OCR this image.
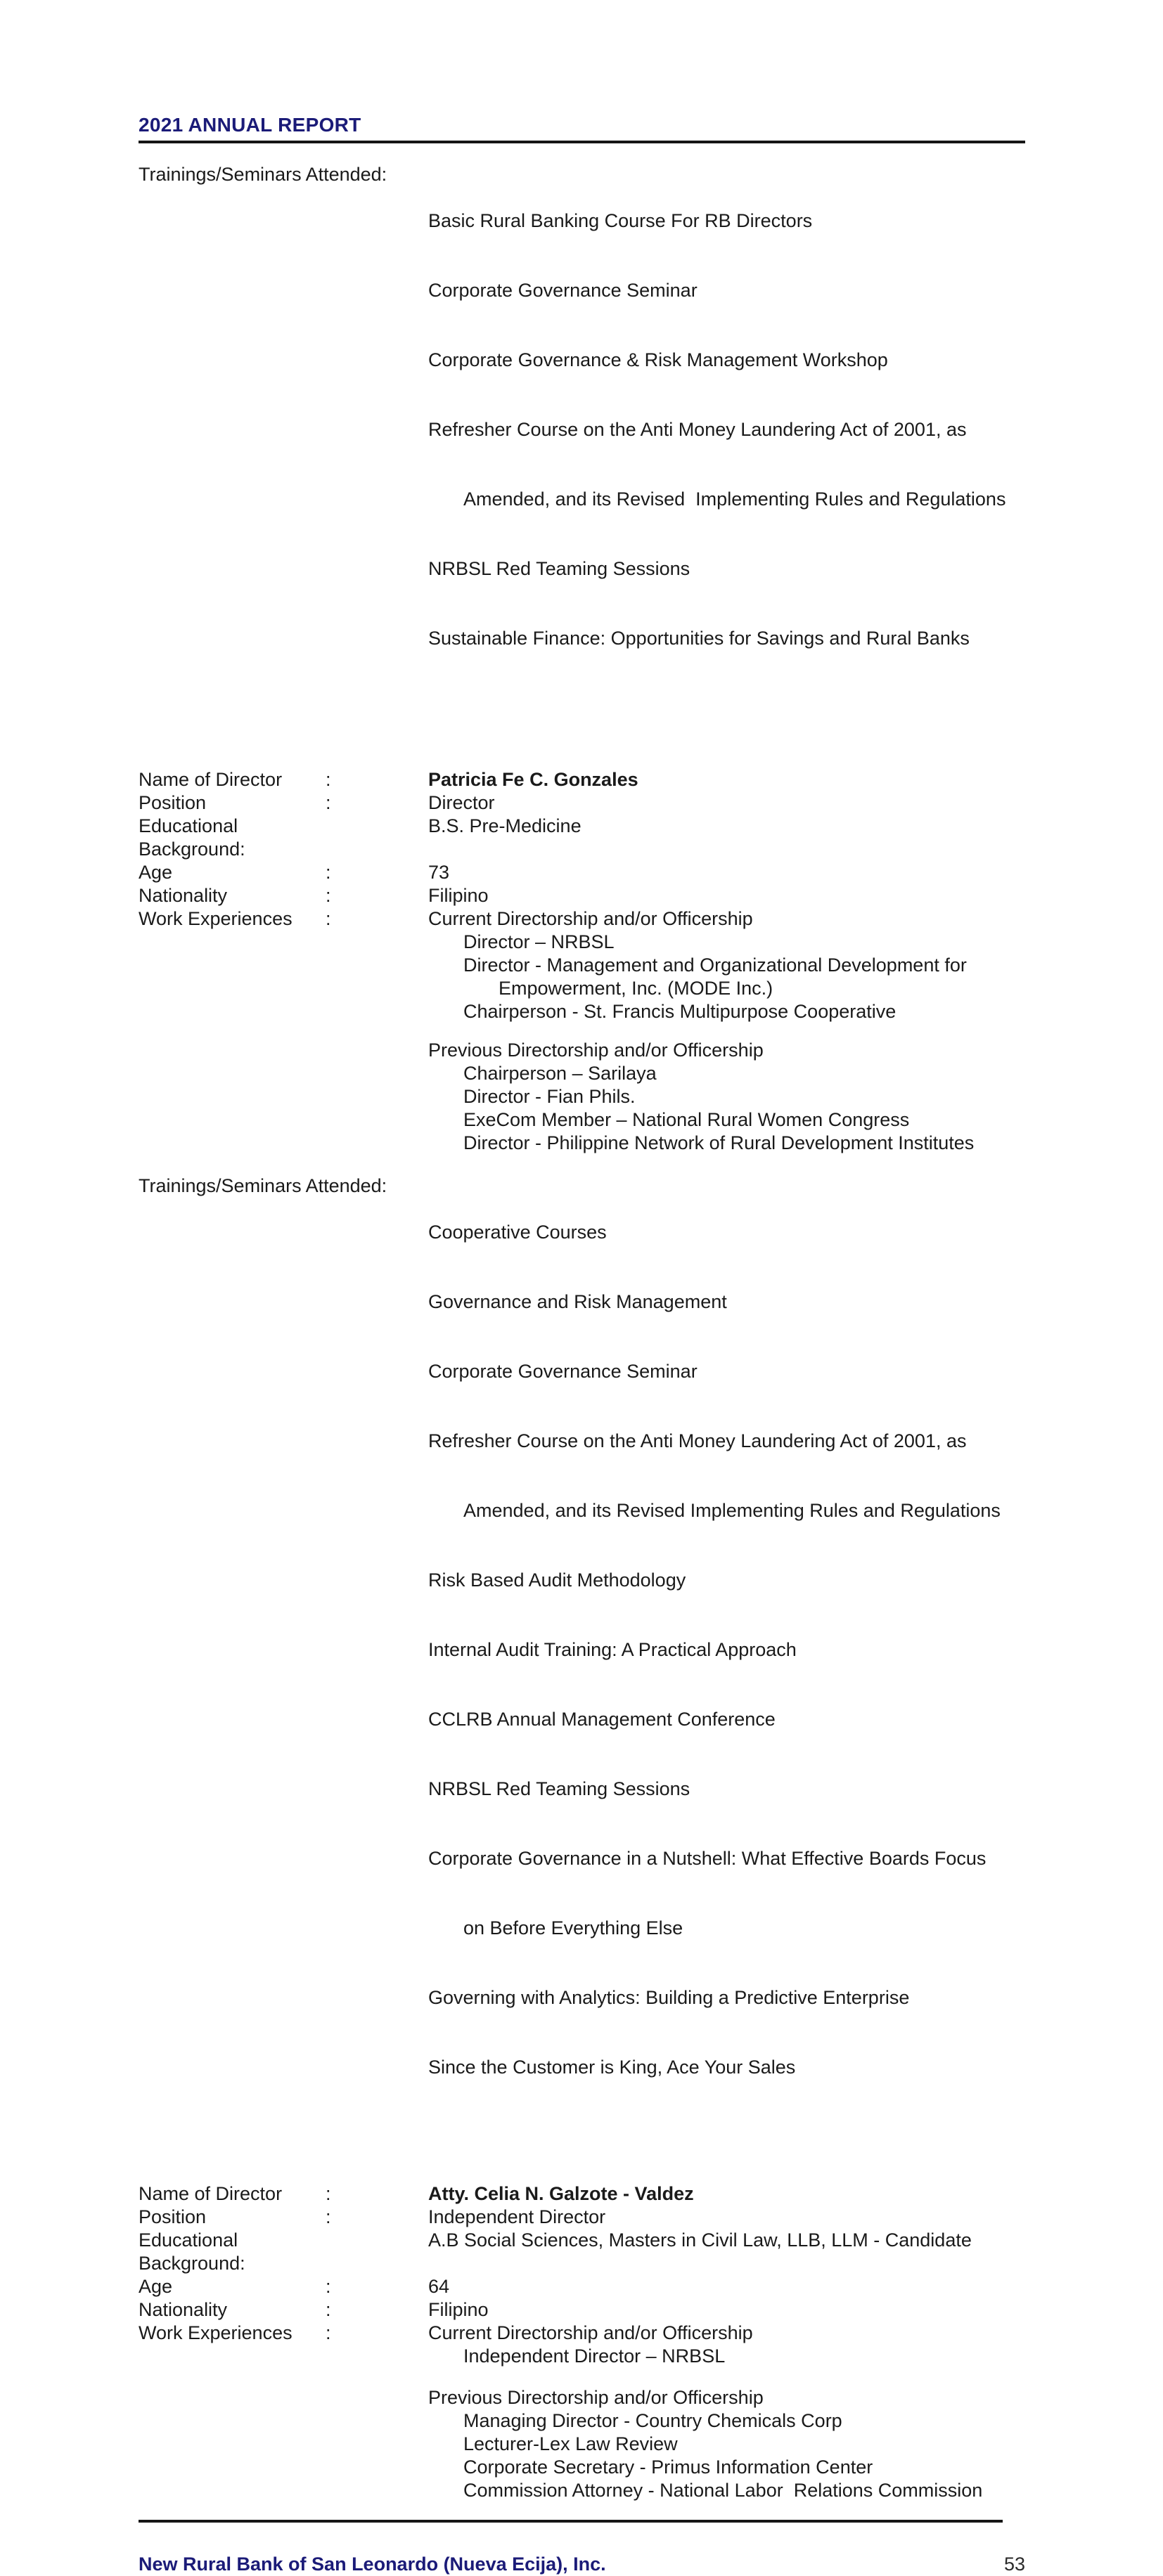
2021 ANNUAL REPORT
Trainings/Seminars Attended:

Basic Rural Banking Course For RB Directors

Corporate Governance Seminar

Corporate Governance & Risk Management Workshop

Refresher Course on the Anti Money Laundering Act of 2001, as

Amended, and its Revised  Implementing Rules and Regulations

NRBSL Red Teaming Sessions

Sustainable Finance: Opportunities for Savings and Rural Banks

Name of Director	:	Patricia Fe C. Gonzales
Position	:	Director
Educational Background:
B.S. Pre-Medicine
Age	:	73
Nationality	:	Filipino
Work Experiences	:	Current Directorship and/or Officership
Director – NRBSL
Director - Management and Organizational Development for
Empowerment, Inc. (MODE Inc.)
Chairperson - St. Francis Multipurpose Cooperative
Previous Directorship and/or Officership
Chairperson – Sarilaya
Director - Fian Phils.
ExeCom Member – National Rural Women Congress
Director - Philippine Network of Rural Development Institutes
Trainings/Seminars Attended:

Cooperative Courses

Governance and Risk Management

Corporate Governance Seminar

Refresher Course on the Anti Money Laundering Act of 2001, as

Amended, and its Revised Implementing Rules and Regulations

Risk Based Audit Methodology

Internal Audit Training: A Practical Approach

CCLRB Annual Management Conference

NRBSL Red Teaming Sessions

Corporate Governance in a Nutshell: What Effective Boards Focus

on Before Everything Else

Governing with Analytics: Building a Predictive Enterprise

Since the Customer is King, Ace Your Sales

Name of Director	:	Atty. Celia N. Galzote - Valdez
Position	:	Independent Director
Educational Background:
A.B Social Sciences, Masters in Civil Law, LLB, LLM - Candidate
Age	:	64
Nationality	:	Filipino
Work Experiences	:	Current Directorship and/or Officership
Independent Director – NRBSL
Previous Directorship and/or Officership
Managing Director - Country Chemicals Corp
Lecturer-Lex Law Review
Corporate Secretary - Primus Information Center
Commission Attorney - National Labor  Relations Commission
New Rural Bank of San Leonardo (Nueva Ecija), Inc.	53
